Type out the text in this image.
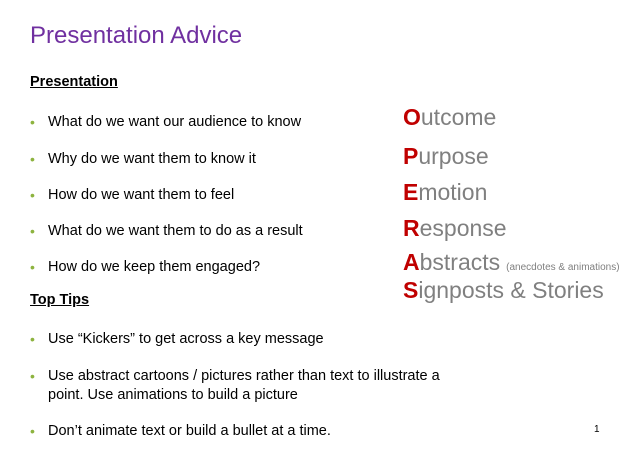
Presentation Advice
Presentation
• What do we want our audience to know
• Why do we want them to know it
• How do we want them to feel
• What do we want them to do as a result
• How do we keep them engaged?
Outcome
Purpose
Emotion
Response
Abstracts (anecdotes & animations)
Signposts & Stories
Top Tips
• Use “Kickers” to get across a key message
• Use abstract cartoons / pictures rather than text to illustrate a
point. Use animations to build a picture
• Don’t animate text or build a bullet at a time.	1
